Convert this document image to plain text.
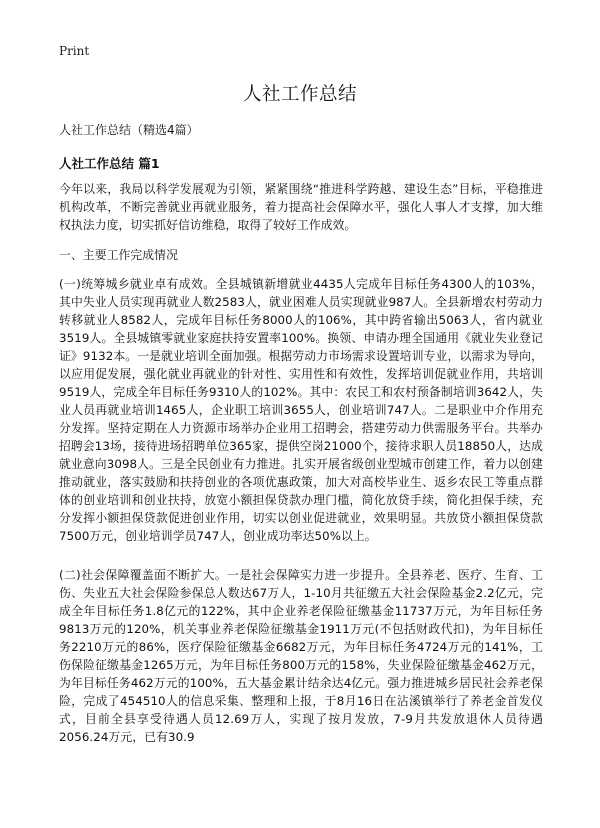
Print
人社工作总结

人社工作总结（精选4篇）

人社工作总结 篇1

今年以来，我局以科学发展观为引领，紧紧围绕“推进科学跨越、建设生态”目标，平稳推进机构改革，不断完善就业再就业服务，着力提高社会保障水平，强化人事人才支撑，加大维权执法力度，切实抓好信访维稳，取得了较好工作成效。

一、主要工作完成情况

(一)统筹城乡就业卓有成效。全县城镇新增就业4435人完成年目标任务4300人的103%，其中失业人员实现再就业人数2583人，就业困难人员实现就业987人。全县新增农村劳动力转移就业人8582人，完成年目标任务8000人的106%，其中跨省输出5063人，省内就业3519人。全县城镇零就业家庭扶持安置率100%。换领、申请办理全国通用《就业失业登记证》9132本。一是就业培训全面加强。根据劳动力市场需求设置培训专业，以需求为导向，以应用促发展，强化就业再就业的针对性、实用性和有效性，发挥培训促就业作用，共培训9519人，完成全年目标任务9310人的102%。其中：农民工和农村预备制培训3642人，失业人员再就业培训1465人，企业职工培训3655人，创业培训747人。二是职业中介作用充分发挥。坚持定期在人力资源市场举办企业用工招聘会，搭建劳动力供需服务平台。共举办招聘会13场，接待进场招聘单位365家，提供空岗21000个，接待求职人员18850人，达成就业意向3098人。三是全民创业有力推进。扎实开展省级创业型城市创建工作，着力以创建推动就业，落实鼓励和扶持创业的各项优惠政策，加大对高校毕业生、返乡农民工等重点群体的创业培训和创业扶持，放宽小额担保贷款办理门槛，简化放贷手续，简化担保手续，充分发挥小额担保贷款促进创业作用，切实以创业促进就业，效果明显。共放贷小额担保贷款7500万元，创业培训学员747人，创业成功率达50%以上。

(二)社会保障覆盖面不断扩大。一是社会保障实力进一步提升。全县养老、医疗、生育、工伤、失业五大社会保险参保总人数达67万人，1-10月共征缴五大社会保险基金2.2亿元，完成全年目标任务1.8亿元的122%，其中企业养老保险征缴基金11737万元，为年目标任务9813万元的120%，机关事业养老保险征缴基金1911万元(不包括财政代扣)，为年目标任务2210万元的86%，医疗保险征缴基金6682万元，为年目标任务4724万元的141%，工伤保险征缴基金1265万元，为年目标任务800万元的158%，失业保险征缴基金462万元，为年目标任务462万元的100%，五大基金累计结余达4亿元。强力推进城乡居民社会养老保险，完成了454510人的信息采集、整理和上报，于8月16日在沾溪镇举行了养老金首发仪式，目前全县享受待遇人员12.69万人，实现了按月发放，7-9月共发放退休人员待遇2056.24万元，已有30.9
